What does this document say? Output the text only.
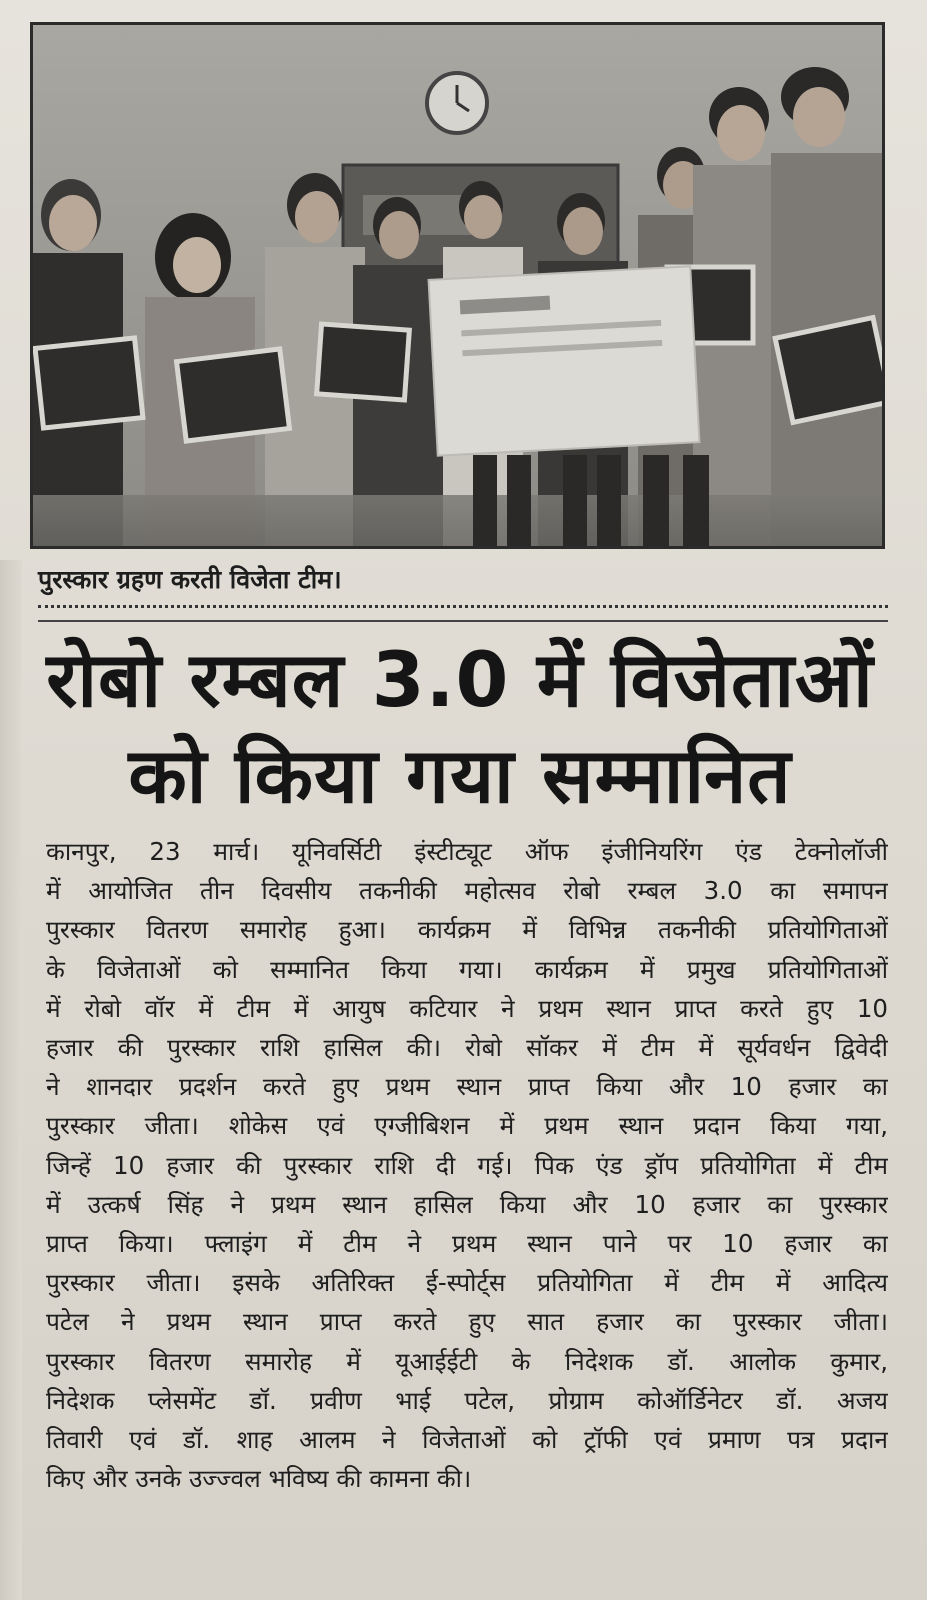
पुरस्कार ग्रहण करती विजेता टीम।
रोबो रम्बल 3.0 में विजेताओं
को किया गया सम्मानित
कानपुर, 23 मार्च। यूनिवर्सिटी इंस्टीट्यूट ऑफ इंजीनियरिंग एंड टेक्नोलॉजी
में आयोजित तीन दिवसीय तकनीकी महोत्सव रोबो रम्बल 3.0 का समापन
पुरस्कार वितरण समारोह हुआ। कार्यक्रम में विभिन्न तकनीकी प्रतियोगिताओं
के विजेताओं को सम्मानित किया गया। कार्यक्रम में प्रमुख प्रतियोगिताओं
में रोबो वॉर में टीम में आयुष कटियार ने प्रथम स्थान प्राप्त करते हुए 10
हजार की पुरस्कार राशि हासिल की। रोबो सॉकर में टीम में सूर्यवर्धन द्विवेदी
ने शानदार प्रदर्शन करते हुए प्रथम स्थान प्राप्त किया और 10 हजार का
पुरस्कार जीता। शोकेस एवं एग्जीबिशन में प्रथम स्थान प्रदान किया गया,
जिन्हें 10 हजार की पुरस्कार राशि दी गई। पिक एंड ड्रॉप प्रतियोगिता में टीम
में उत्कर्ष सिंह ने प्रथम स्थान हासिल किया और 10 हजार का पुरस्कार
प्राप्त किया। फ्लाइंग में टीम ने प्रथम स्थान पाने पर 10 हजार का
पुरस्कार जीता। इसके अतिरिक्त ई-स्पोर्ट्स प्रतियोगिता में टीम में आदित्य
पटेल ने प्रथम स्थान प्राप्त करते हुए सात हजार का पुरस्कार जीता।
पुरस्कार वितरण समारोह में यूआईईटी के निदेशक डॉ. आलोक कुमार,
निदेशक प्लेसमेंट डॉ. प्रवीण भाई पटेल, प्रोग्राम कोऑर्डिनेटर डॉ. अजय
तिवारी एवं डॉ. शाह आलम ने विजेताओं को ट्रॉफी एवं प्रमाण पत्र प्रदान
किए और उनके उज्ज्वल भविष्य की कामना की।
